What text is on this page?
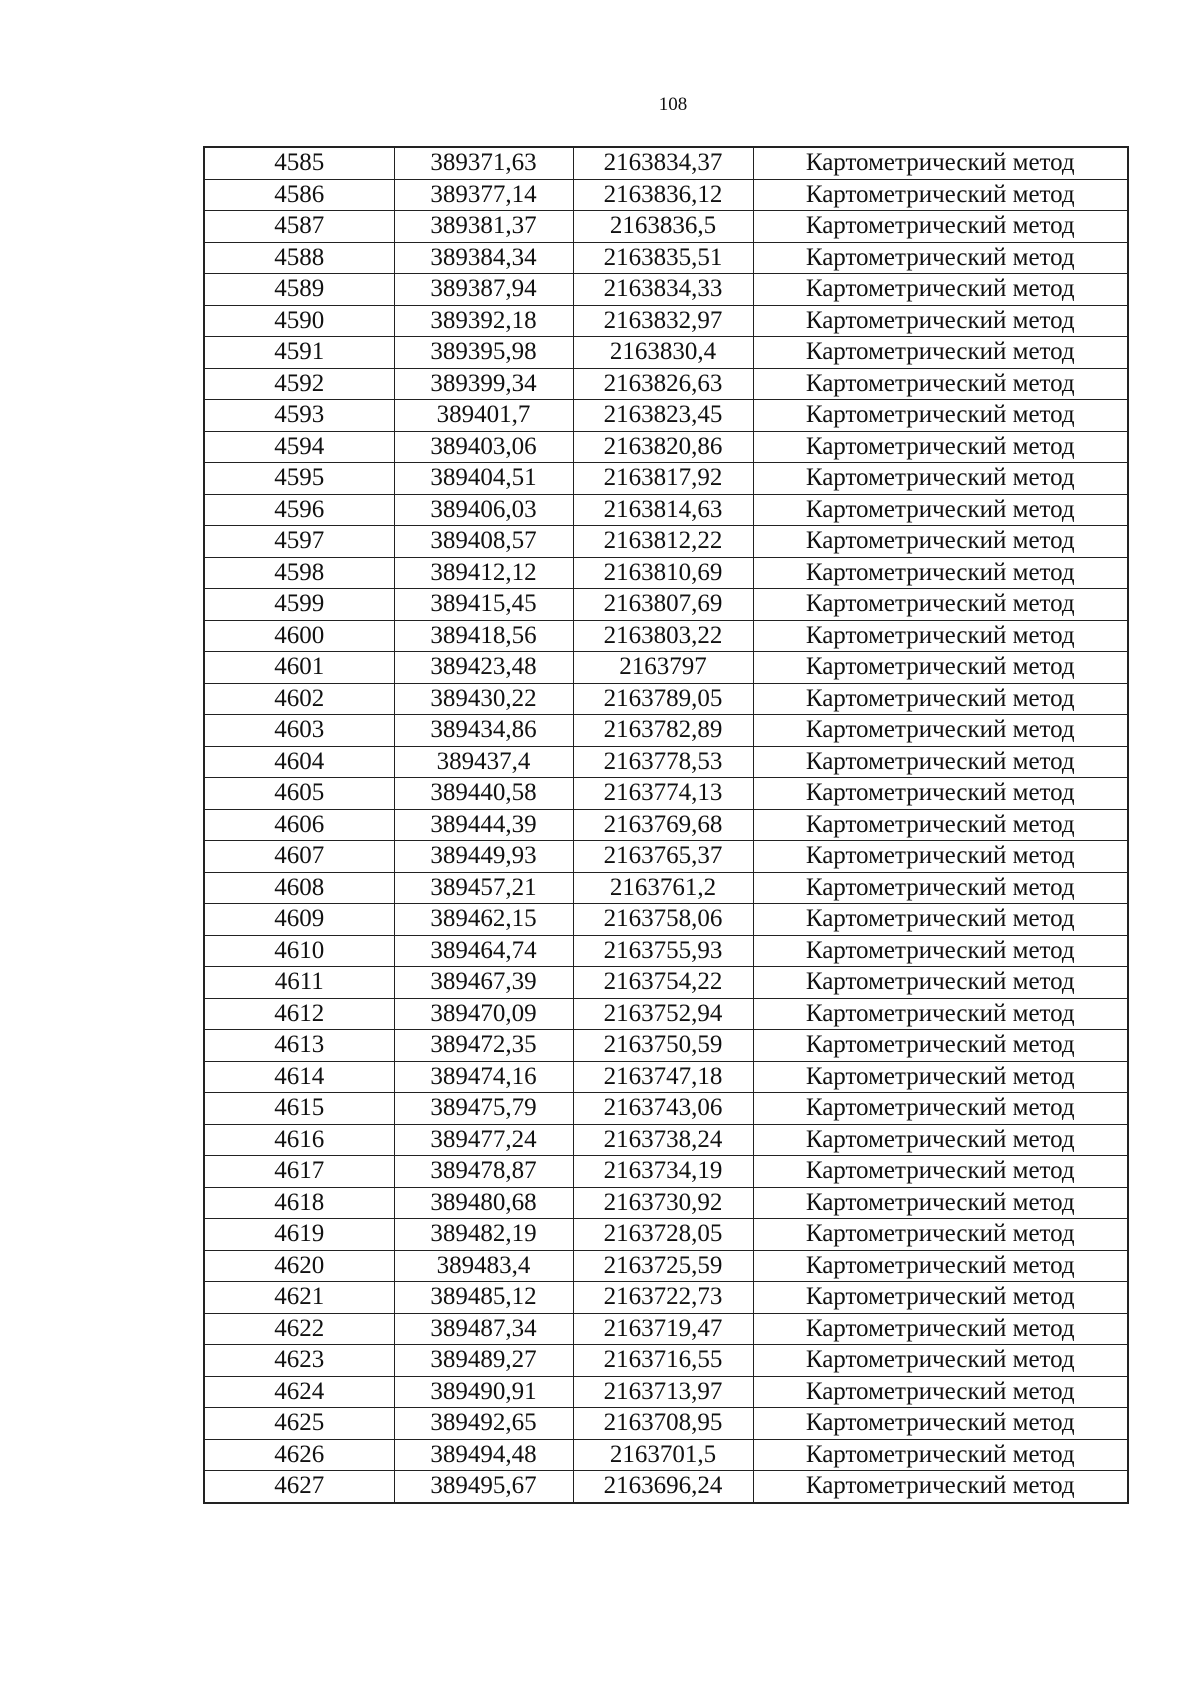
108
4585	389371,63	2163834,37	Картометрический метод
4586	389377,14	2163836,12	Картометрический метод
4587	389381,37	2163836,5	Картометрический метод
4588	389384,34	2163835,51	Картометрический метод
4589	389387,94	2163834,33	Картометрический метод
4590	389392,18	2163832,97	Картометрический метод
4591	389395,98	2163830,4	Картометрический метод
4592	389399,34	2163826,63	Картометрический метод
4593	389401,7	2163823,45	Картометрический метод
4594	389403,06	2163820,86	Картометрический метод
4595	389404,51	2163817,92	Картометрический метод
4596	389406,03	2163814,63	Картометрический метод
4597	389408,57	2163812,22	Картометрический метод
4598	389412,12	2163810,69	Картометрический метод
4599	389415,45	2163807,69	Картометрический метод
4600	389418,56	2163803,22	Картометрический метод
4601	389423,48	2163797	Картометрический метод
4602	389430,22	2163789,05	Картометрический метод
4603	389434,86	2163782,89	Картометрический метод
4604	389437,4	2163778,53	Картометрический метод
4605	389440,58	2163774,13	Картометрический метод
4606	389444,39	2163769,68	Картометрический метод
4607	389449,93	2163765,37	Картометрический метод
4608	389457,21	2163761,2	Картометрический метод
4609	389462,15	2163758,06	Картометрический метод
4610	389464,74	2163755,93	Картометрический метод
4611	389467,39	2163754,22	Картометрический метод
4612	389470,09	2163752,94	Картометрический метод
4613	389472,35	2163750,59	Картометрический метод
4614	389474,16	2163747,18	Картометрический метод
4615	389475,79	2163743,06	Картометрический метод
4616	389477,24	2163738,24	Картометрический метод
4617	389478,87	2163734,19	Картометрический метод
4618	389480,68	2163730,92	Картометрический метод
4619	389482,19	2163728,05	Картометрический метод
4620	389483,4	2163725,59	Картометрический метод
4621	389485,12	2163722,73	Картометрический метод
4622	389487,34	2163719,47	Картометрический метод
4623	389489,27	2163716,55	Картометрический метод
4624	389490,91	2163713,97	Картометрический метод
4625	389492,65	2163708,95	Картометрический метод
4626	389494,48	2163701,5	Картометрический метод
4627	389495,67	2163696,24	Картометрический метод
